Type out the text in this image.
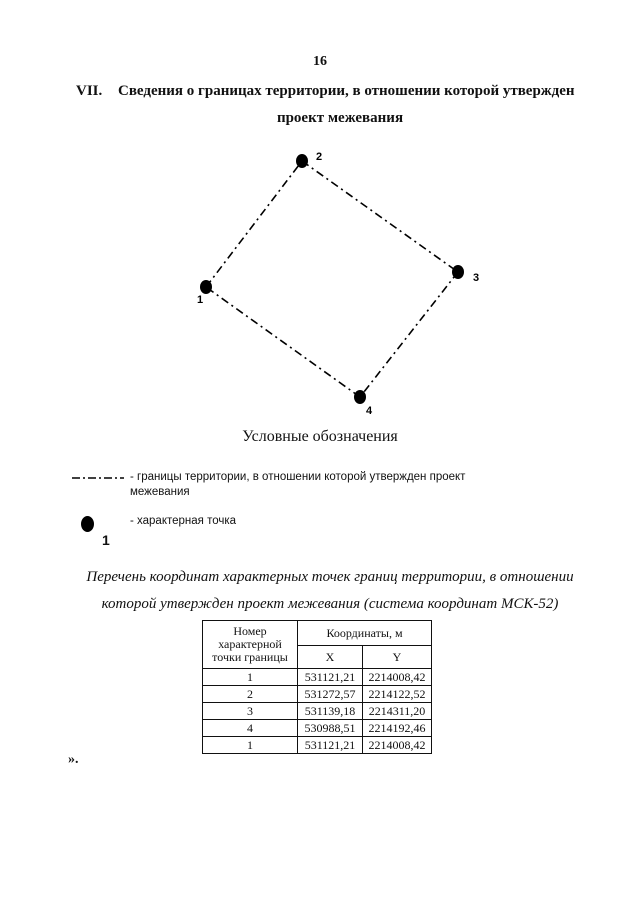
16
VII. Сведения о границах территории, в отношении которой утвержден
проект межевания
1
2
3
4
Условные обозначения
- границы территории, в отношении которой утвержден проект межевания
1
- характерная точка
Перечень координат характерных точек границ территории, в отношении
которой утвержден проект межевания (система координат МСК-52)
Номер характерной точки границы	Координаты, м	
	X	Y
1	531121,21	2214008,42
2	531272,57	2214122,52
3	531139,18	2214311,20
4	530988,51	2214192,46
1	531121,21	2214008,42
».
